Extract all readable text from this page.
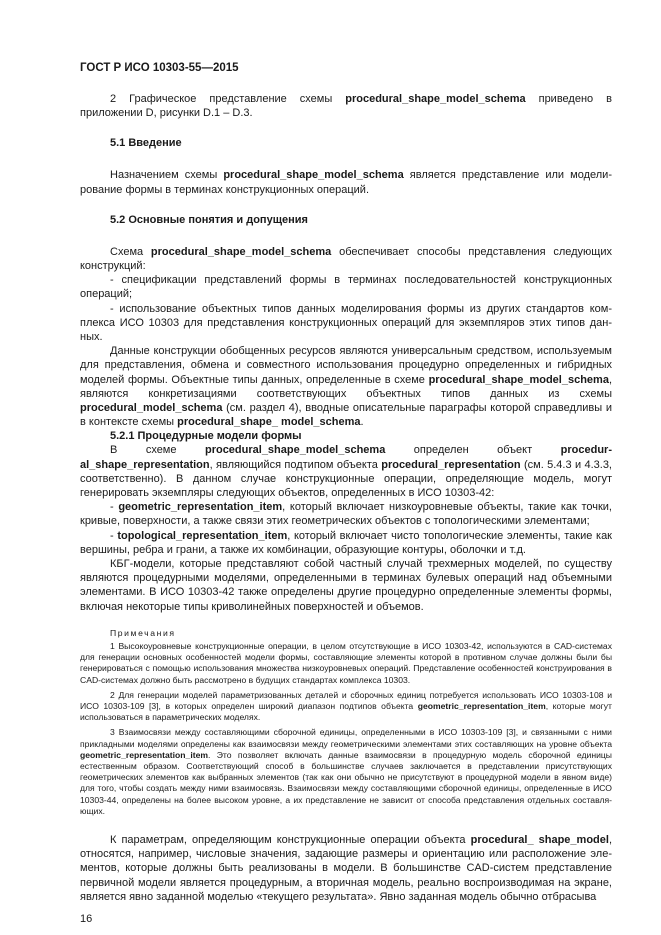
ГОСТ Р ИСО 10303-55—2015

2 Графическое представление схемы procedural_shape_model_schema приведено в приложении D, рисунки D.1 – D.3.

5.1 Введение

Назначением схемы procedural_shape_model_schema является представление или моделирование формы в терминах конструкционных операций.

5.2 Основные понятия и допущения

Схема procedural_shape_model_schema обеспечивает способы представления следующих конструкций:

- спецификации представлений формы в терминах последовательностей конструкционных операций;

- использование объектных типов данных моделирования формы из других стандартов комплекса ИСО 10303 для представления конструкционных операций для экземпляров этих типов данных.

Данные конструкции обобщенных ресурсов являются универсальным средством, используемым для представления, обмена и совместного использования процедурно определенных и гибридных моделей формы. Объектные типы данных, определенные в схеме procedural_shape_model_schema, являются конкретизациями соответствующих объектных типов данных из схемы procedural_model_schema (см. раздел 4), вводные описательные параграфы которой справедливы и в контексте схемы procedural_shape_ model_schema.

5.2.1 Процедурные модели формы

В схеме procedural_shape_model_schema определен объект procedural_shape_representation, являющийся подтипом объекта procedural_representation (см. 5.4.3 и 4.3.3, соответственно). В данном случае конструкционные операции, определяющие модель, могут генерировать экземпляры следующих объектов, определенных в ИСО 10303-42:

- geometric_representation_item, который включает низкоуровневые объекты, такие как точки, кривые, поверхности, а также связи этих геометрических объектов с топологическими элементами;

- topological_representation_item, который включает чисто топологические элементы, такие как вершины, ребра и грани, а также их комбинации, образующие контуры, оболочки и т.д.

КБГ-модели, которые представляют собой частный случай трехмерных моделей, по существу являются процедурными моделями, определенными в терминах булевых операций над объемными элементами. В ИСО 10303-42 также определены другие процедурно определенные элементы формы, включая некоторые типы криволинейных поверхностей и объемов.

Примечания

1 Высокоуровневые конструкционные операции, в целом отсутствующие в ИСО 10303-42, используются в CAD-системах для генерации основных особенностей модели формы, составляющие элементы которой в противном случае должны были бы генерироваться с помощью использования множества низкоуровневых операций. Представление особенностей конструирования в CAD-системах должно быть рассмотрено в будущих стандартах комплекса 10303.

2 Для генерации моделей параметризованных деталей и сборочных единиц потребуется использовать ИСО 10303-108 и ИСО 10303-109 [3], в которых определен широкий диапазон подтипов объекта geometric_representation_item, которые могут использоваться в параметрических моделях.

3 Взаимосвязи между составляющими сборочной единицы, определенными в ИСО 10303-109 [3], и связанными с ними прикладными моделями определены как взаимосвязи между геометрическими элементами этих составляющих на уровне объекта geometric_representation_item. Это позволяет включать данные взаимосвязи в процедурную модель сборочной единицы естественным образом. Соответствующий способ в большинстве случаев заключается в представлении присутствующих геометрических элементов как выбранных элементов (так как они обычно не присутствуют в процедурной модели в явном виде) для того, чтобы создать между ними взаимосвязь. Взаимосвязи между составляющими сборочной единицы, определенные в ИСО 10303-44, определены на более высоком уровне, а их представление не зависит от способа представления отдельных составляющих.

К параметрам, определяющим конструкционные операции объекта procedural_ shape_model, относятся, например, числовые значения, задающие размеры и ориентацию или расположение элементов, которые должны быть реализованы в модели. В большинстве CAD-систем представление первичной модели является процедурным, а вторичная модель, реально воспроизводимая на экране, является явно заданной моделью «текущего результата». Явно заданная модель обычно отбрасыва

16
